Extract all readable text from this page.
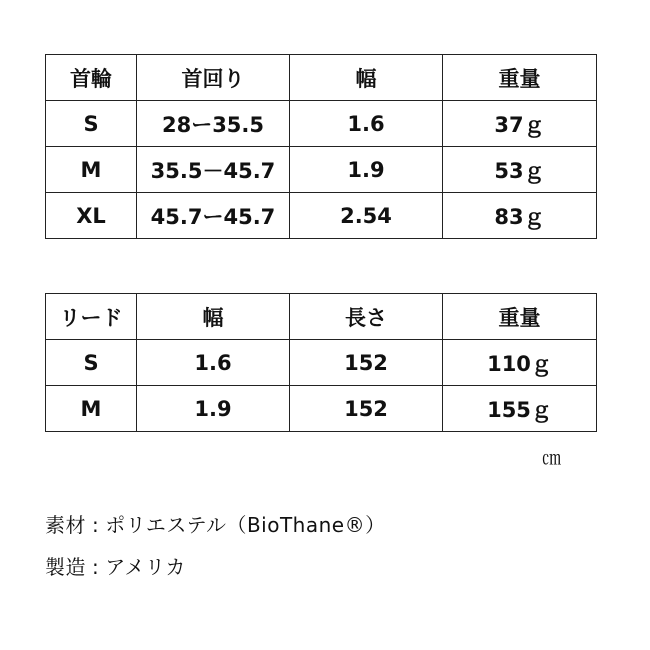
首輪	首回り	幅	重量
S	28ー35.5	1.6	37ｇ
M	35.5－45.7	1.9	53ｇ
XL	45.7ー45.7	2.54	83ｇ
リード	幅	長さ	重量
S	1.6	152	110ｇ
M	1.9	152	155ｇ
㎝
素材 : ポリエステル（BioThane®）
製造 : アメリカ
